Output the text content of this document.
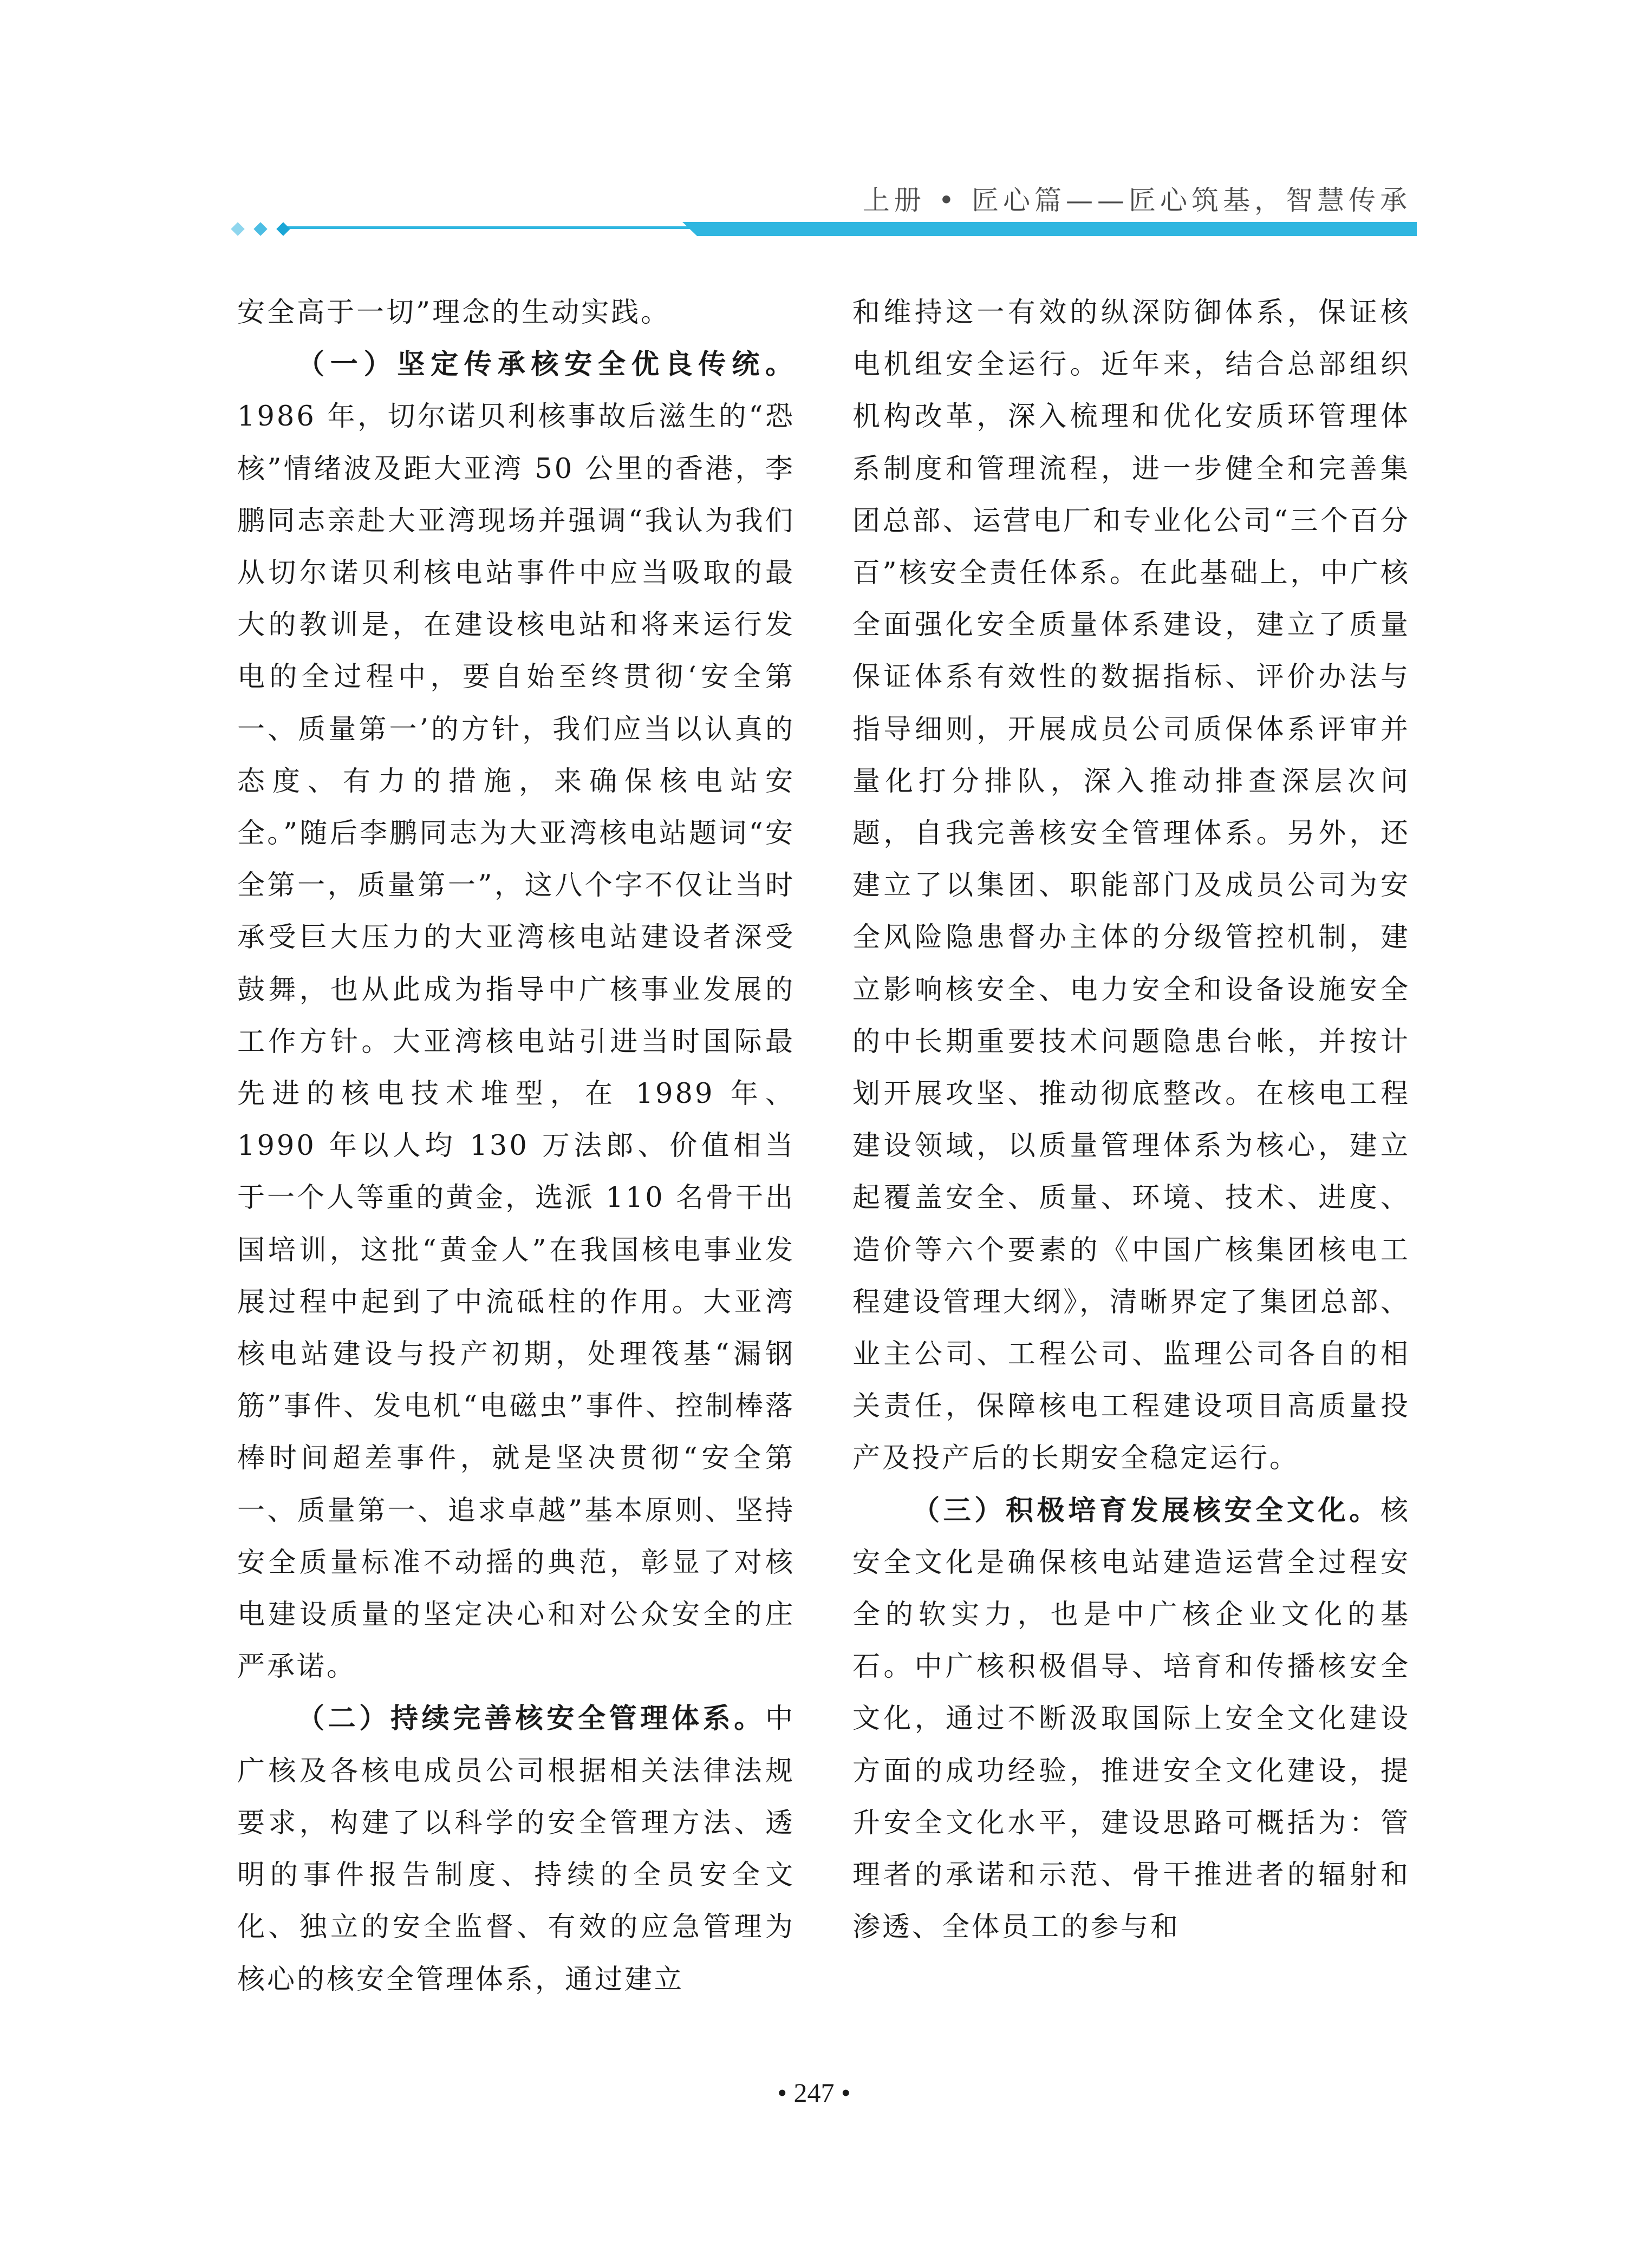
上册 • 匠心篇——匠心筑基，智慧传承

安全高于一切”理念的生动实践。

（一）坚定传承核安全优良传统。1986 年，切尔诺贝利核事故后滋生的“恐核”情绪波及距大亚湾 50 公里的香港，李鹏同志亲赴大亚湾现场并强调“我认为我们从切尔诺贝利核电站事件中应当吸取的最大的教训是，在建设核电站和将来运行发电的全过程中，要自始至终贯彻‘安全第一、质量第一’的方针，我们应当以认真的态度、有力的措施，来确保核电站安全。”随后李鹏同志为大亚湾核电站题词“安全第一，质量第一”，这八个字不仅让当时承受巨大压力的大亚湾核电站建设者深受鼓舞，也从此成为指导中广核事业发展的工作方针。大亚湾核电站引进当时国际最先进的核电技术堆型，在 1989 年、1990 年以人均 130 万法郎、价值相当于一个人等重的黄金，选派 110 名骨干出国培训，这批“黄金人”在我国核电事业发展过程中起到了中流砥柱的作用。大亚湾核电站建设与投产初期，处理筏基“漏钢筋”事件、发电机“电磁虫”事件、控制棒落棒时间超差事件，就是坚决贯彻“安全第一、质量第一、追求卓越”基本原则、坚持安全质量标准不动摇的典范，彰显了对核电建设质量的坚定决心和对公众安全的庄严承诺。

（二）持续完善核安全管理体系。中广核及各核电成员公司根据相关法律法规要求，构建了以科学的安全管理方法、透明的事件报告制度、持续的全员安全文化、独立的安全监督、有效的应急管理为核心的核安全管理体系，通过建立

和维持这一有效的纵深防御体系，保证核电机组安全运行。近年来，结合总部组织机构改革，深入梳理和优化安质环管理体系制度和管理流程，进一步健全和完善集团总部、运营电厂和专业化公司“三个百分百”核安全责任体系。在此基础上，中广核全面强化安全质量体系建设，建立了质量保证体系有效性的数据指标、评价办法与指导细则，开展成员公司质保体系评审并量化打分排队，深入推动排查深层次问题，自我完善核安全管理体系。另外，还建立了以集团、职能部门及成员公司为安全风险隐患督办主体的分级管控机制，建立影响核安全、电力安全和设备设施安全的中长期重要技术问题隐患台帐，并按计划开展攻坚、推动彻底整改。在核电工程建设领域，以质量管理体系为核心，建立起覆盖安全、质量、环境、技术、进度、造价等六个要素的《中国广核集团核电工程建设管理大纲》，清晰界定了集团总部、业主公司、工程公司、监理公司各自的相关责任，保障核电工程建设项目高质量投产及投产后的长期安全稳定运行。

（三）积极培育发展核安全文化。核安全文化是确保核电站建造运营全过程安全的软实力，也是中广核企业文化的基石。中广核积极倡导、培育和传播核安全文化，通过不断汲取国际上安全文化建设方面的成功经验，推进安全文化建设，提升安全文化水平，建设思路可概括为：管理者的承诺和示范、骨干推进者的辐射和渗透、全体员工的参与和

• 247 •
